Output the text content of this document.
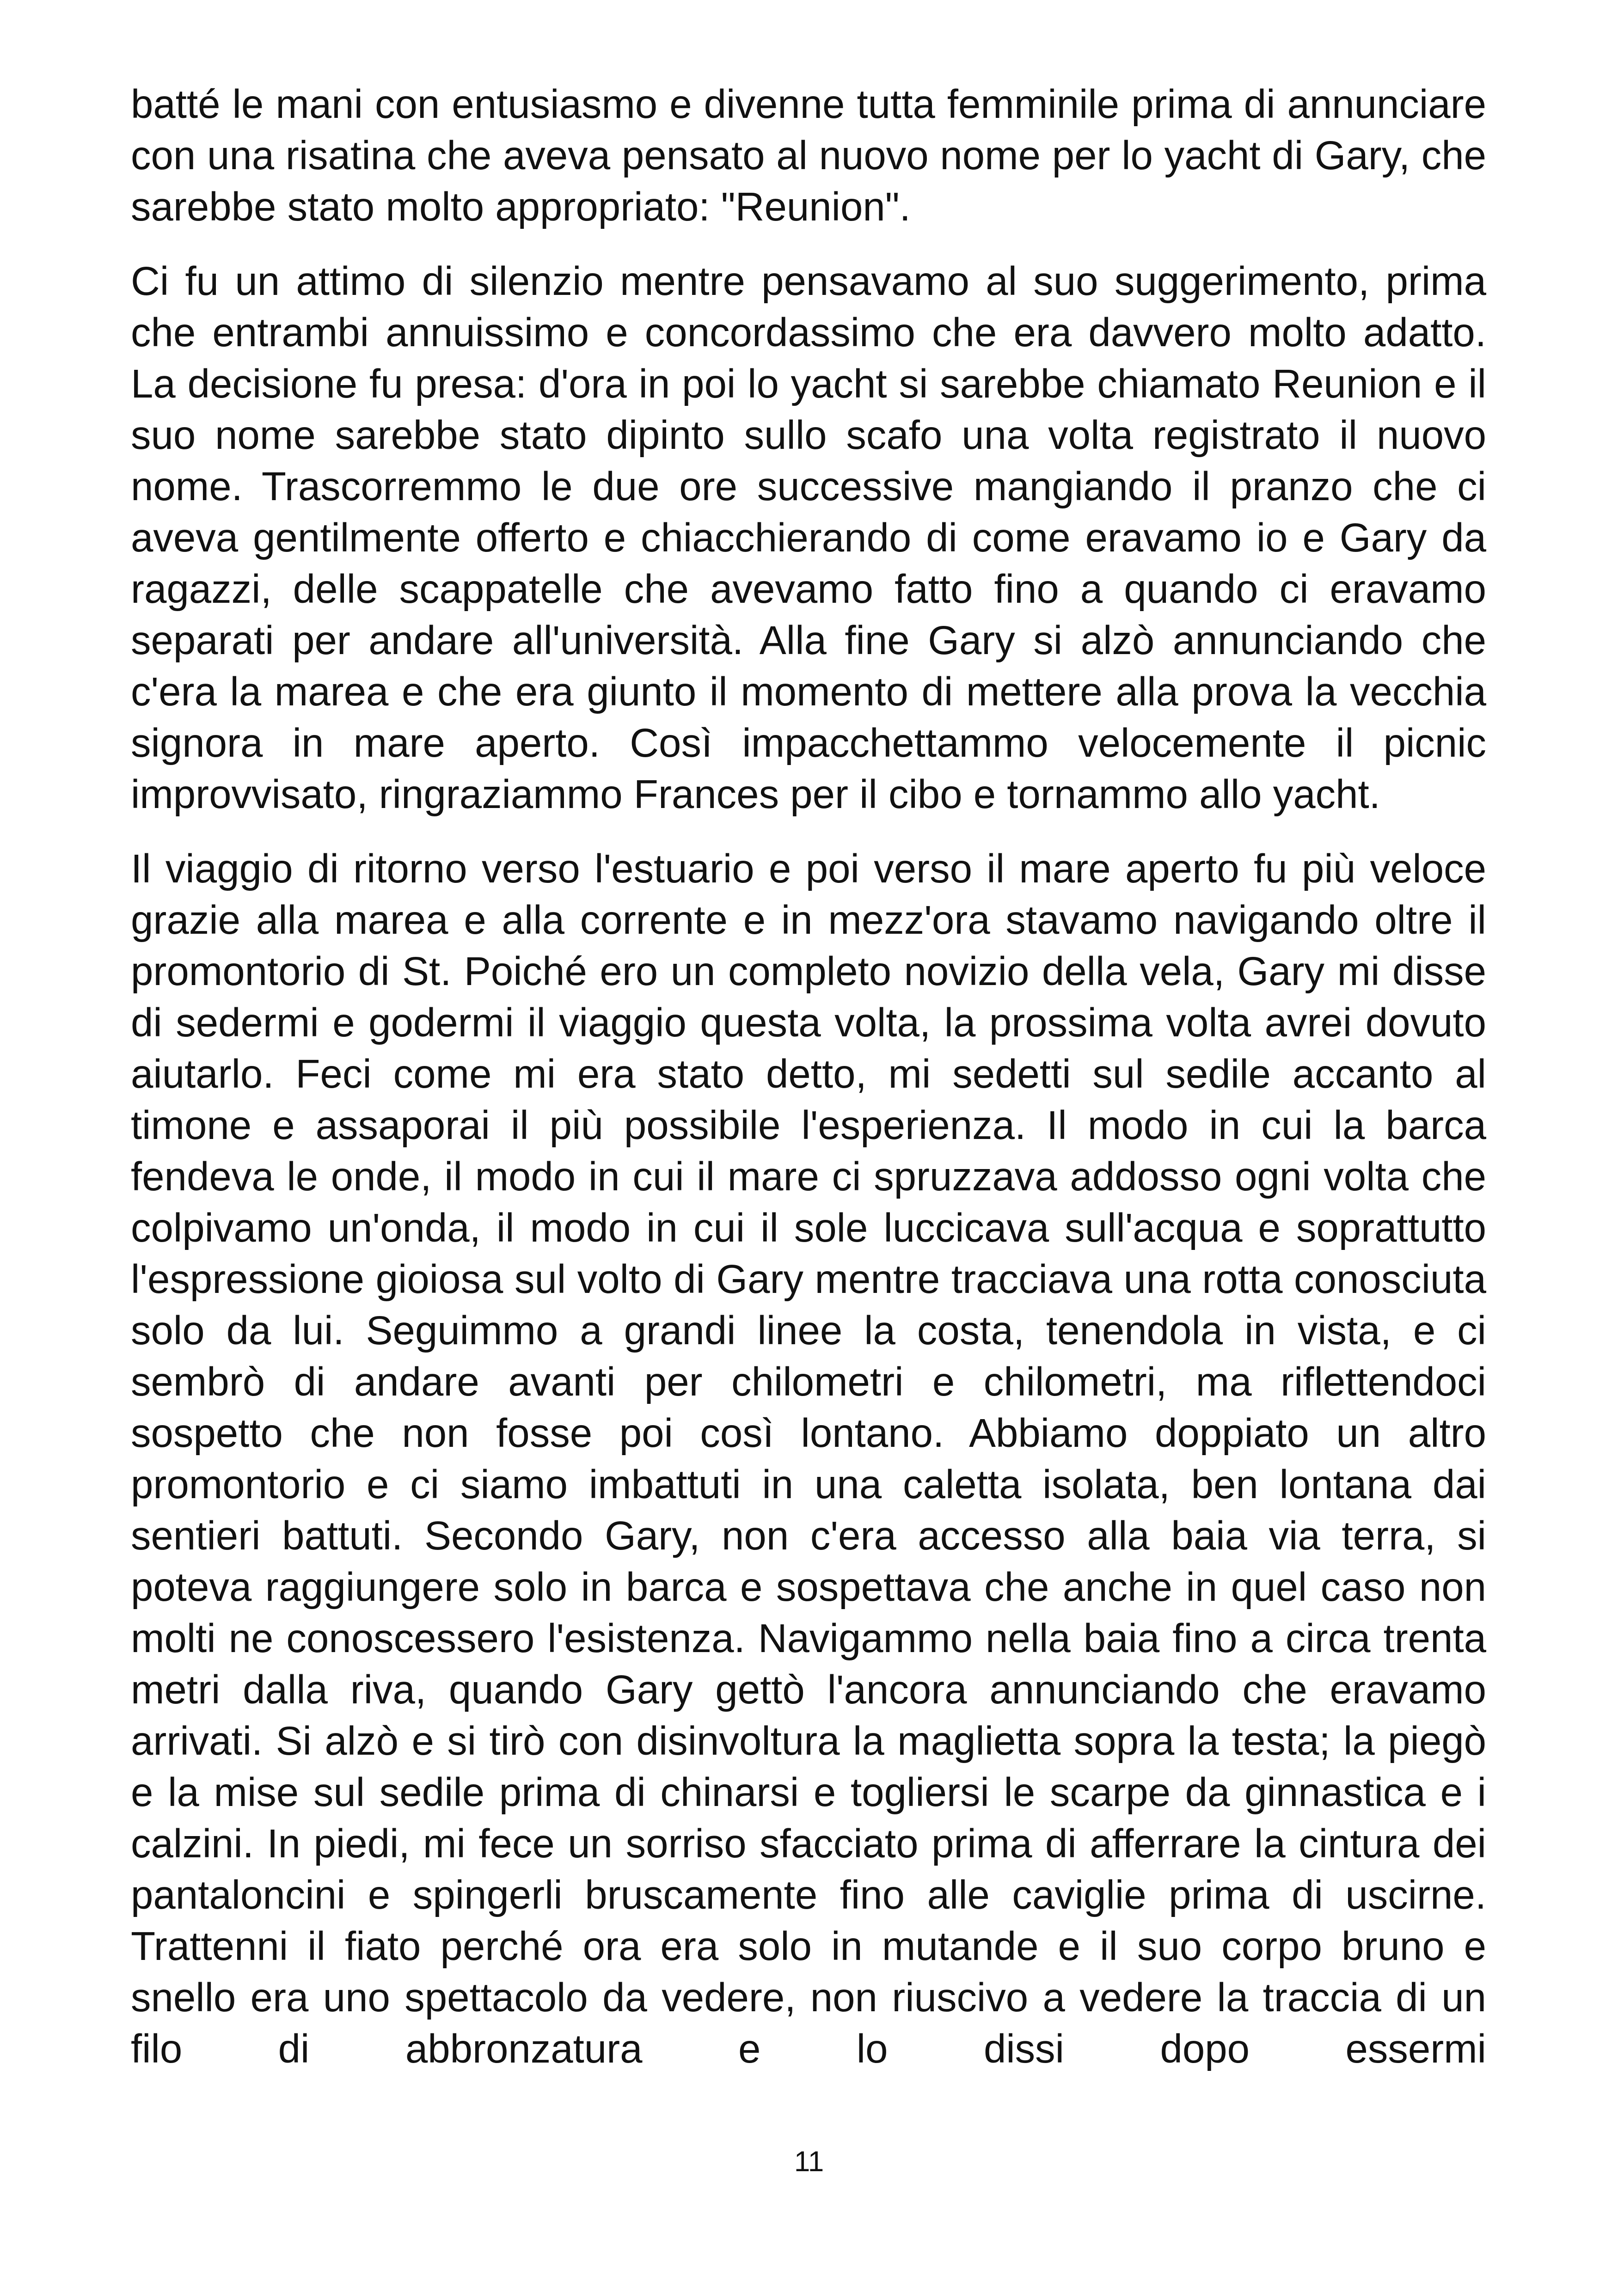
batté le mani con entusiasmo e divenne tutta femminile prima di annunciare con una risatina che aveva pensato al nuovo nome per lo yacht di Gary, che sarebbe stato molto appropriato: "Reunion".

Ci fu un attimo di silenzio mentre pensavamo al suo suggerimento, prima che entrambi annuissimo e concordassimo che era davvero molto adatto. La decisione fu presa: d'ora in poi lo yacht si sarebbe chiamato Reunion e il suo nome sarebbe stato dipinto sullo scafo una volta registrato il nuovo nome. Trascorremmo le due ore successive mangiando il pranzo che ci aveva gentilmente offerto e chiacchierando di come eravamo io e Gary da ragazzi, delle scappatelle che avevamo fatto fino a quando ci eravamo separati per andare all'università. Alla fine Gary si alzò annunciando che c'era la marea e che era giunto il momento di mettere alla prova la vecchia signora in mare aperto. Così impacchettammo velocemente il picnic improvvisato, ringraziammo Frances per il cibo e tornammo allo yacht.

Il viaggio di ritorno verso l'estuario e poi verso il mare aperto fu più veloce grazie alla marea e alla corrente e in mezz'ora stavamo navigando oltre il promontorio di St. Poiché ero un completo novizio della vela, Gary mi disse di sedermi e godermi il viaggio questa volta, la prossima volta avrei dovuto aiutarlo. Feci come mi era stato detto, mi sedetti sul sedile accanto al timone e assaporai il più possibile l'esperienza. Il modo in cui la barca fendeva le onde, il modo in cui il mare ci spruzzava addosso ogni volta che colpivamo un'onda, il modo in cui il sole luccicava sull'acqua e soprattutto l'espressione gioiosa sul volto di Gary mentre tracciava una rotta conosciuta solo da lui. Seguimmo a grandi linee la costa, tenendola in vista, e ci sembrò di andare avanti per chilometri e chilometri, ma riflettendoci sospetto che non fosse poi così lontano. Abbiamo doppiato un altro promontorio e ci siamo imbattuti in una caletta isolata, ben lontana dai sentieri battuti. Secondo Gary, non c'era accesso alla baia via terra, si poteva raggiungere solo in barca e sospettava che anche in quel caso non molti ne conoscessero l'esistenza. Navigammo nella baia fino a circa trenta metri dalla riva, quando Gary gettò l'ancora annunciando che eravamo arrivati. Si alzò e si tirò con disinvoltura la maglietta sopra la testa; la piegò e la mise sul sedile prima di chinarsi e togliersi le scarpe da ginnastica e i calzini. In piedi, mi fece un sorriso sfacciato prima di afferrare la cintura dei pantaloncini e spingerli bruscamente fino alle caviglie prima di uscirne. Trattenni il fiato perché ora era solo in mutande e il suo corpo bruno e snello era uno spettacolo da vedere, non riuscivo a vedere la traccia di un filo di abbronzatura e lo dissi dopo essermi

11
